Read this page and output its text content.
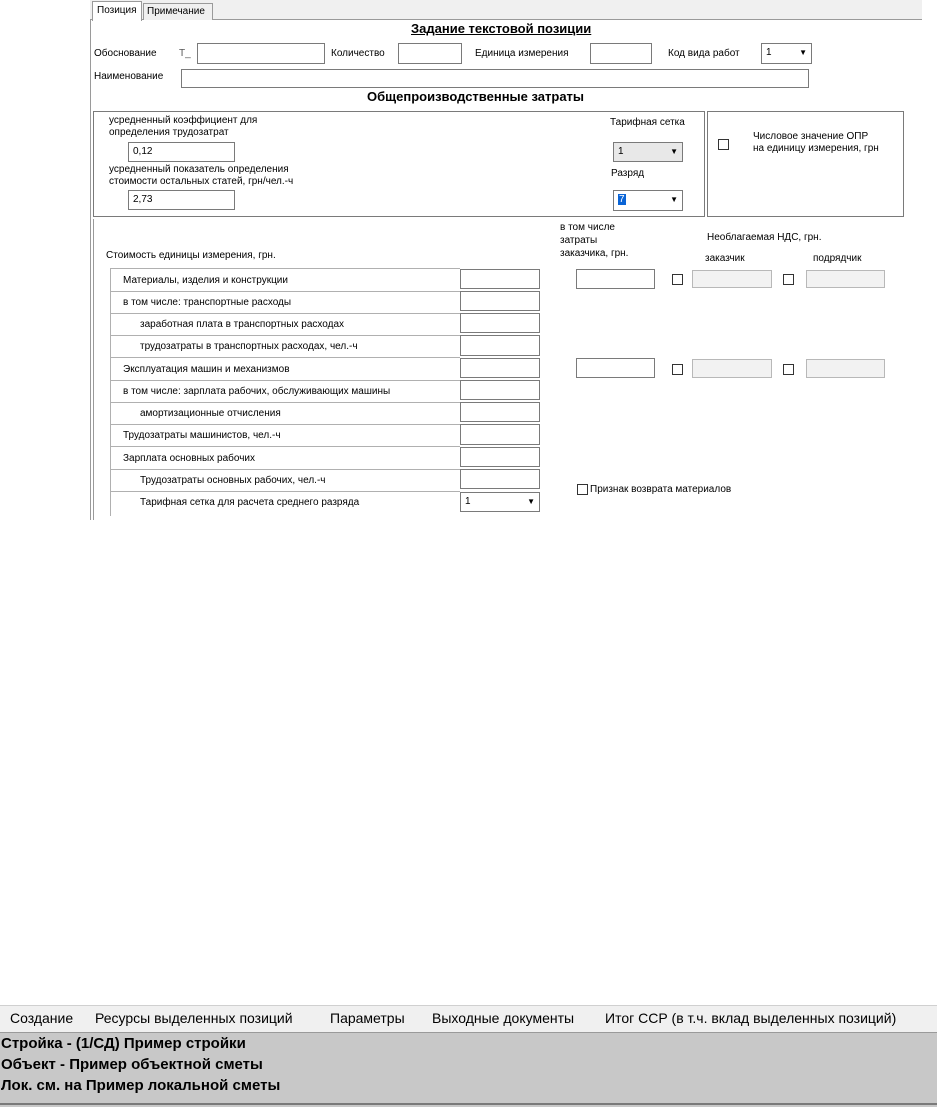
Позиция Примечание
Задание текстовой позиции
Обоснование Т_	Количество	Единица измерения	Код вида работ	1	▼
Наименование
Общепроизводственные затраты
усредненный коэффициент для
определения трудозатрат
0,12
усредненный показатель определения
стоимости остальных статей, грн/чел.-ч
2,73
Тарифная сетка
1	▼
Разряд
7	▼
Числовое значение ОПР
на единицу измерения, грн
Стоимость единицы измерения, грн.
в том числе
затраты
заказчика, грн.
Необлагаемая НДС, грн.
заказчик	подрядчик
Материалы, изделия и конструкции
в том числе: транспортные расходы
заработная плата в транспортных расходах
трудозатраты в транспортных расходах, чел.-ч
Эксплуатация машин и механизмов
в том числе: зарплата рабочих, обслуживающих машины
амортизационные отчисления
Трудозатраты машинистов, чел.-ч
Зарплата основных рабочих
Трудозатраты основных рабочих, чел.-ч
Тарифная сетка для расчета среднего разряда	1	▼
Признак возврата материалов
Создание Ресурсы выделенных позиций	Параметры Выходные документы Итог ССР (в т.ч. вклад выделенных позиций)
Стройка - (1/СД) Пример стройки
Объект - Пример объектной сметы
Лок. см. на Пример локальной сметы
